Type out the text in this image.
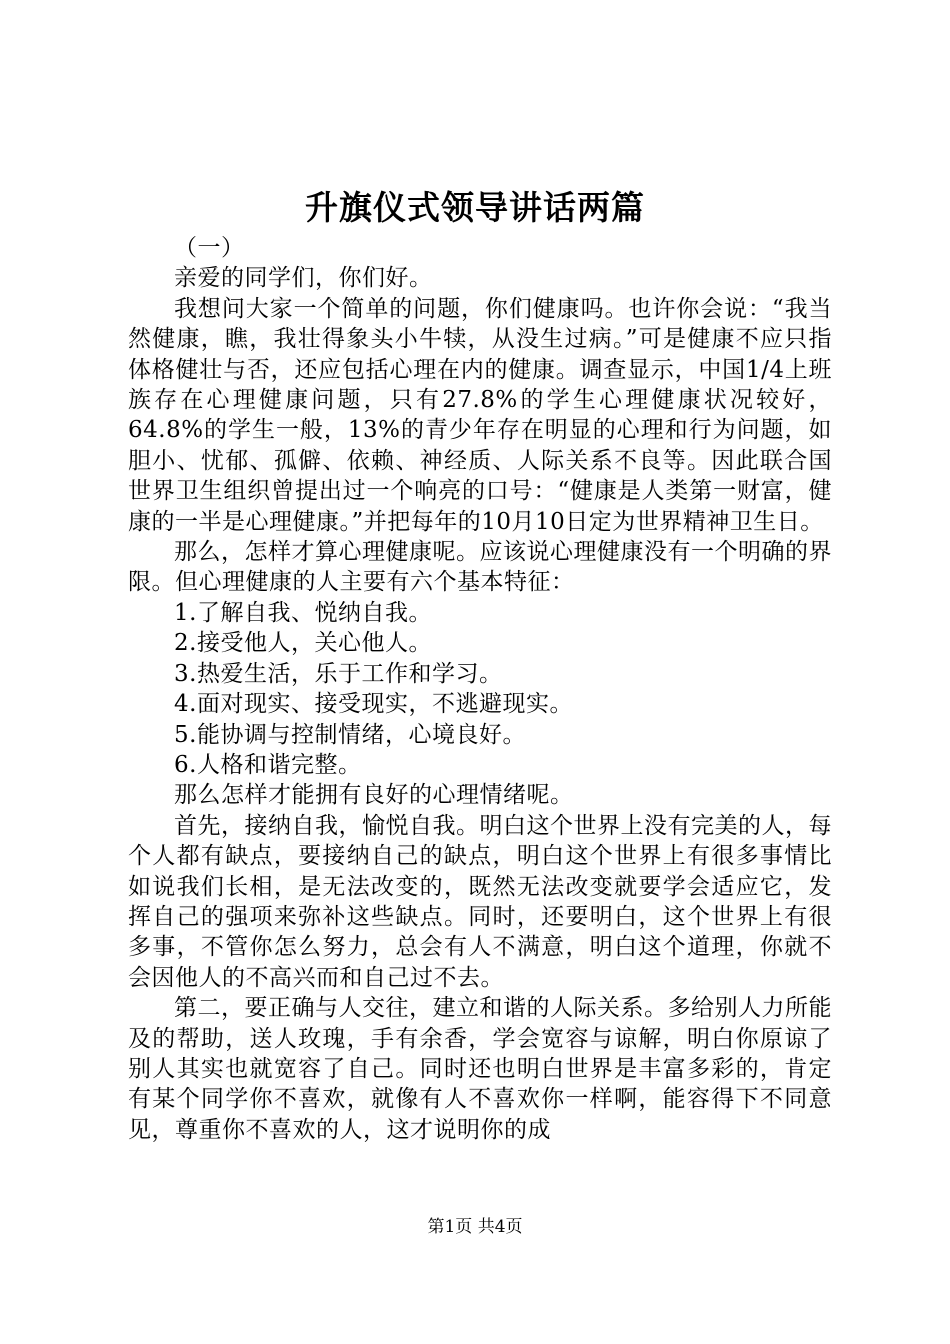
升旗仪式领导讲话两篇

（一）

亲爱的同学们，你们好。

我想问大家一个简单的问题，你们健康吗。也许你会说：“我当然健康，瞧，我壮得象头小牛犊，从没生过病。”可是健康不应只指体格健壮与否，还应包括心理在内的健康。调查显示，中国1/4上班族存在心理健康问题，只有27.8%的学生心理健康状况较好，64.8%的学生一般，13%的青少年存在明显的心理和行为问题，如胆小、忧郁、孤僻、依赖、神经质、人际关系不良等。因此联合国世界卫生组织曾提出过一个响亮的口号：“健康是人类第一财富，健康的一半是心理健康。”并把每年的10月10日定为世界精神卫生日。

那么，怎样才算心理健康呢。应该说心理健康没有一个明确的界限。但心理健康的人主要有六个基本特征：

1.了解自我、悦纳自我。

2.接受他人，关心他人。

3.热爱生活，乐于工作和学习。

4.面对现实、接受现实，不逃避现实。

5.能协调与控制情绪，心境良好。

6.人格和谐完整。

那么怎样才能拥有良好的心理情绪呢。

首先，接纳自我，愉悦自我。明白这个世界上没有完美的人，每个人都有缺点，要接纳自己的缺点，明白这个世界上有很多事情比如说我们长相，是无法改变的，既然无法改变就要学会适应它，发挥自己的强项来弥补这些缺点。同时，还要明白，这个世界上有很多事，不管你怎么努力，总会有人不满意，明白这个道理，你就不会因他人的不高兴而和自己过不去。

第二，要正确与人交往，建立和谐的人际关系。多给别人力所能及的帮助，送人玫瑰，手有余香，学会宽容与谅解，明白你原谅了别人其实也就宽容了自己。同时还也明白世界是丰富多彩的，肯定有某个同学你不喜欢，就像有人不喜欢你一样啊，能容得下不同意见，尊重你不喜欢的人，这才说明你的成

第1页 共4页
